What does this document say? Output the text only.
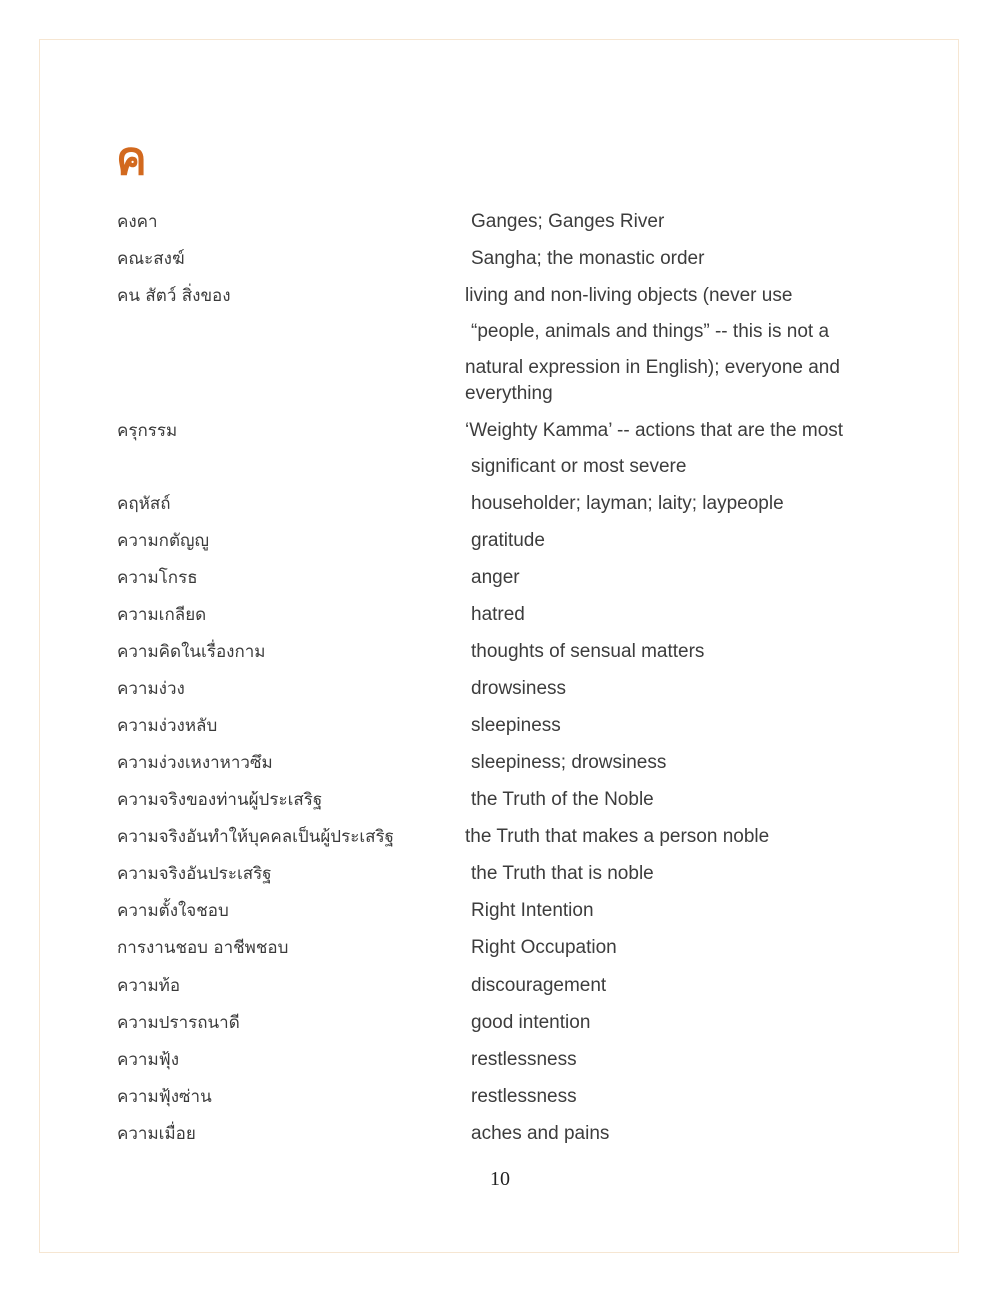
ค
คงคา	Ganges; Ganges River
คณะสงฆ์	Sangha; the monastic order
คน สัตว์ สิ่งของ	living and non-living objects (never use
“people, animals and things” -- this is not a
natural expression in English); everyone and
everything
ครุกรรม	‘Weighty Kamma’ -- actions that are the most
significant or most severe
คฤหัสถ์	householder; layman; laity; laypeople
ความกตัญญู	gratitude
ความโกรธ	anger
ความเกลียด	hatred
ความคิดในเรื่องกาม	thoughts of sensual matters
ความง่วง	drowsiness
ความง่วงหลับ	sleepiness
ความง่วงเหงาหาวซึม	sleepiness; drowsiness
ความจริงของท่านผู้ประเสริฐ	the Truth of the Noble
ความจริงอันทำให้บุคคลเป็นผู้ประเสริฐ	the Truth that makes a person noble
ความจริงอันประเสริฐ	the Truth that is noble
ความตั้งใจชอบ	Right Intention
การงานชอบ อาชีพชอบ	Right Occupation
ความท้อ	discouragement
ความปรารถนาดี	good intention
ความฟุ้ง	restlessness
ความฟุ้งซ่าน	restlessness
ความเมื่อย	aches and pains
10
